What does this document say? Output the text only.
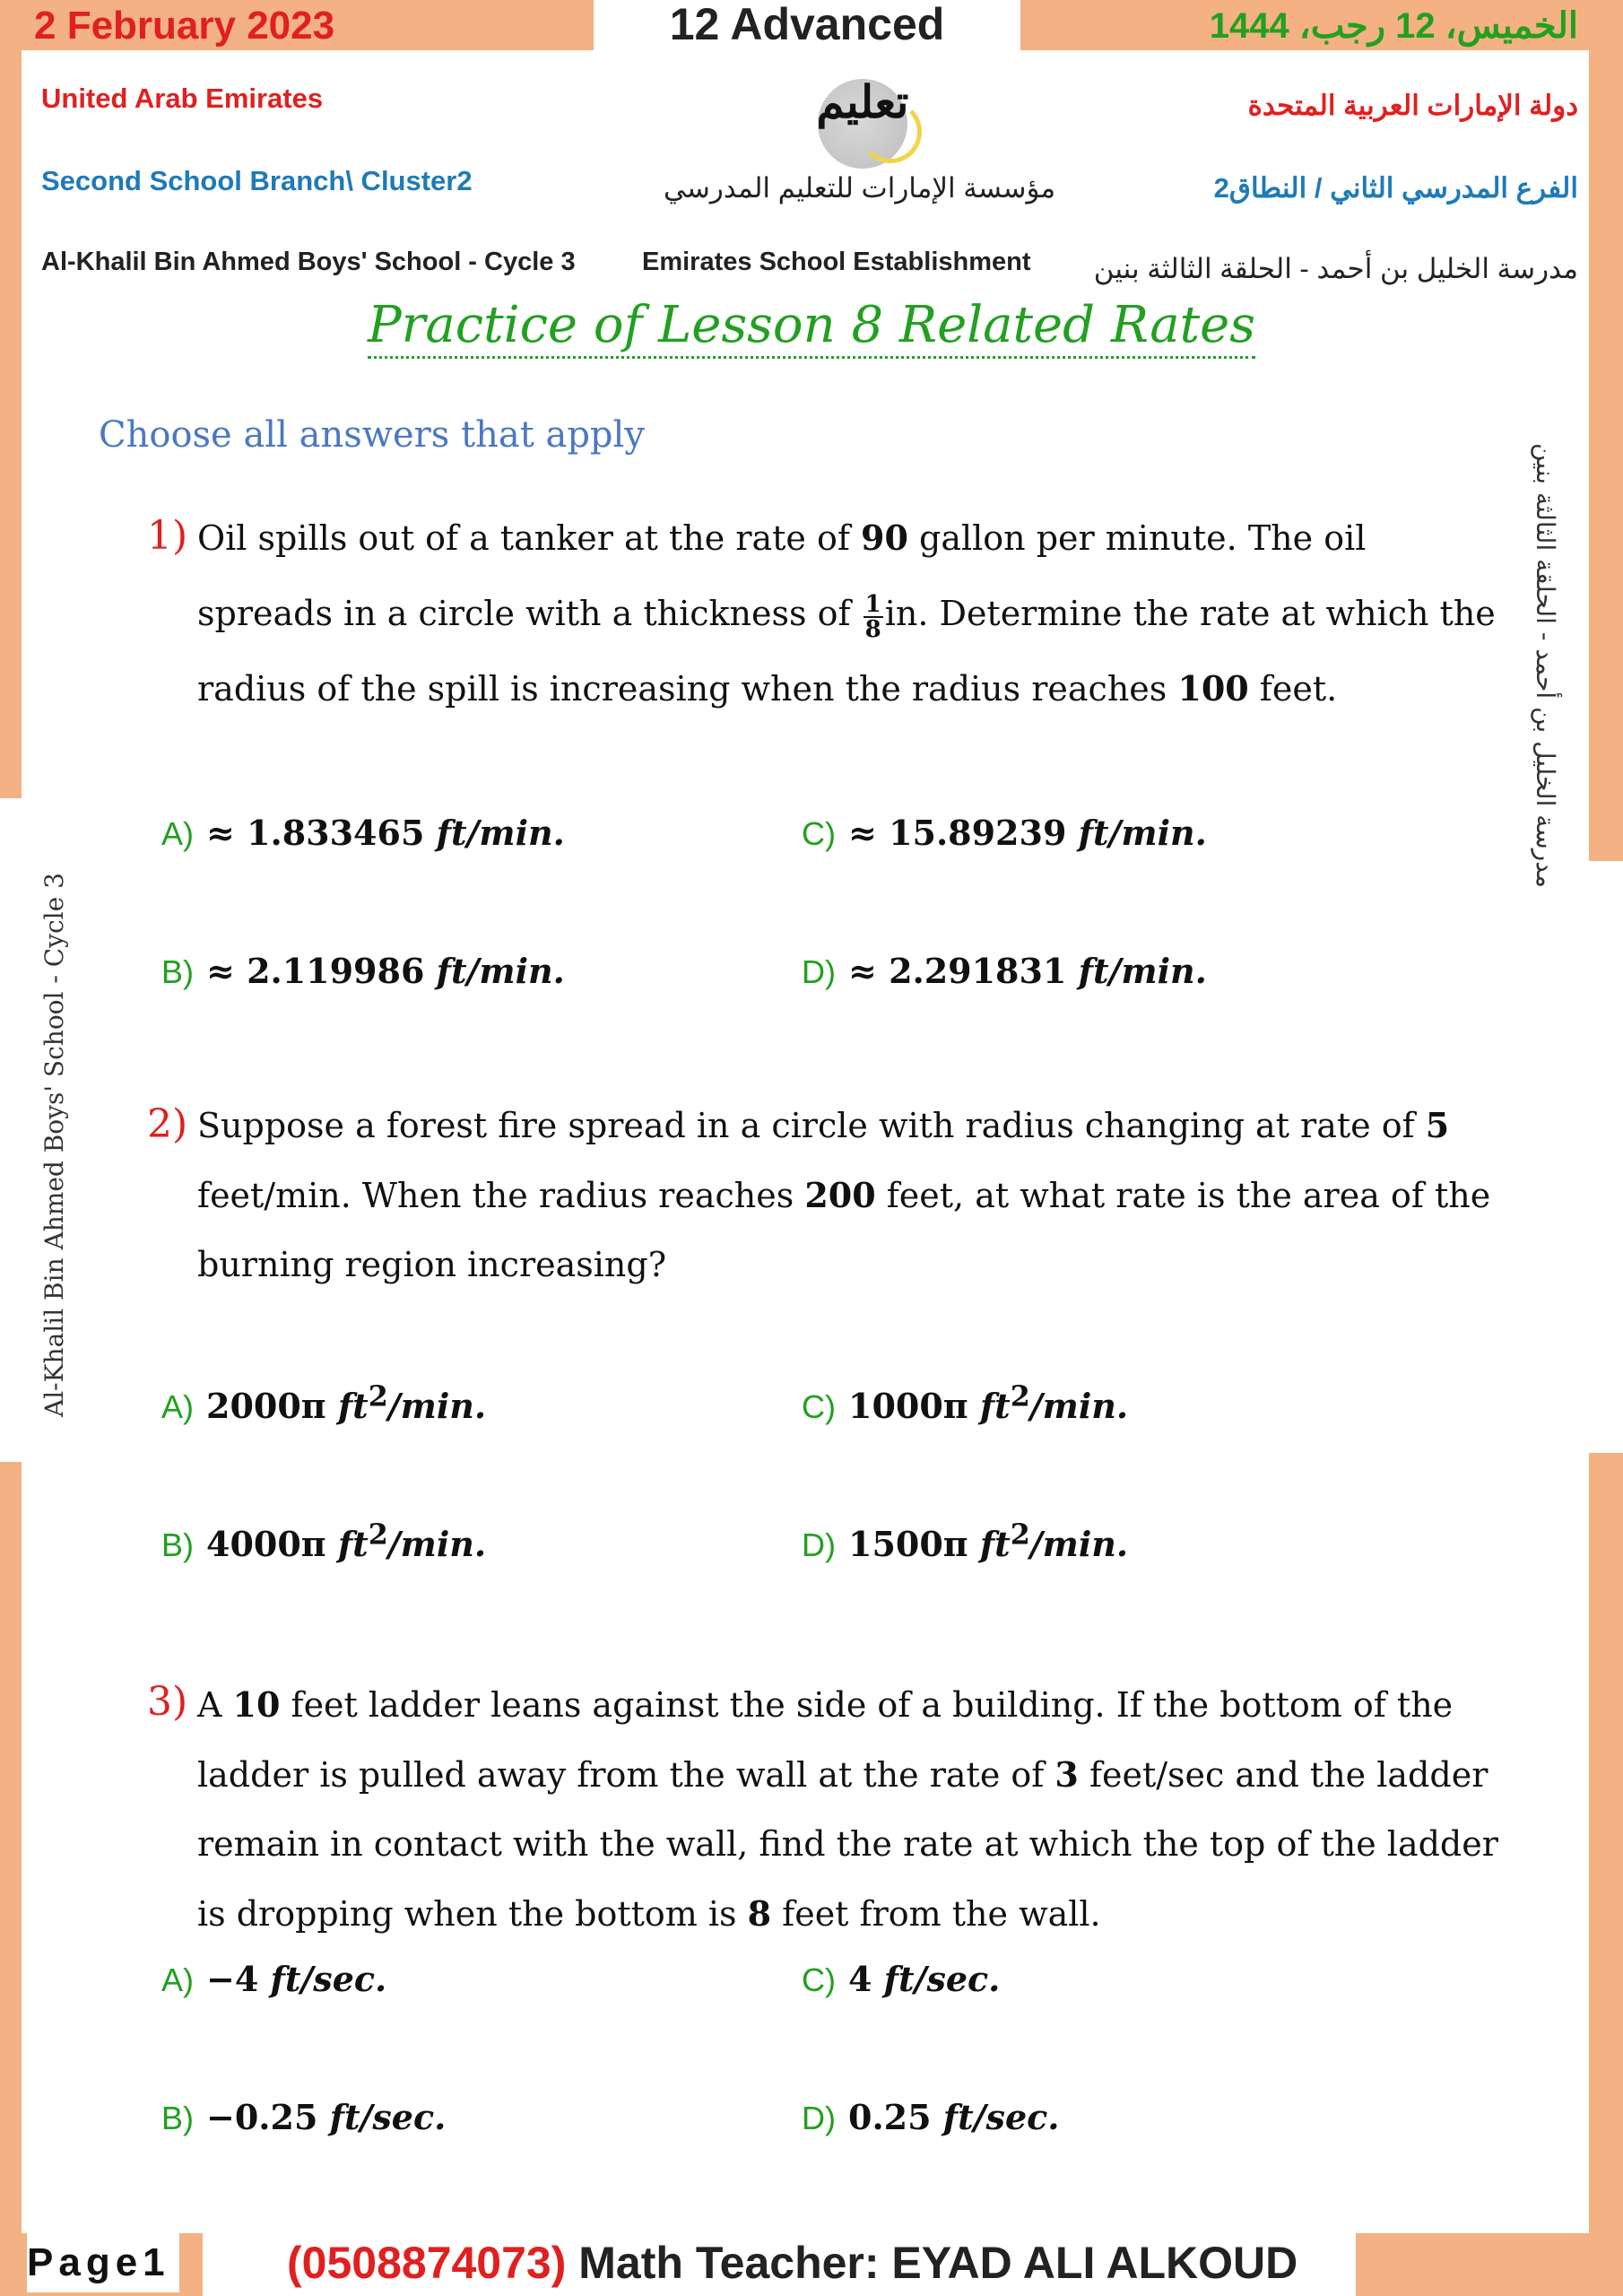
2 February 2023	12 Advanced	الخميس، 12 رجب، 1444
United Arab Emirates	دولة الإمارات العربية المتحدة
تعليم
Second School Branch\ Cluster2	مؤسسة الإمارات للتعليم المدرسي	الفرع المدرسي الثاني / النطاق2
Al-Khalil Bin Ahmed Boys' School - Cycle 3	Emirates School Establishment مدرسة الخليل بن أحمد - الحلقة الثالثة بنين
Practice of Lesson 8 Related Rates
Choose all answers that apply
1) Oil spills out of a tanker at the rate of 90 gallon per minute. The oil
spreads in a circle with a thickness of $\frac{1}{8}$ in. Determine the rate at which the
radius of the spill is increasing when the radius reaches 100 feet.
A) ≈ 1.833465 ft/min.	C) ≈ 15.89239 ft/min.
B) ≈ 2.119986 ft/min.	D) ≈ 2.291831 ft/min.
2) Suppose a forest fire spread in a circle with radius changing at rate of 5
feet/min. When the radius reaches 200 feet, at what rate is the area of the
burning region increasing?
A) 2000π $ft^2/\min$.	C) 1000π $ft^2/\min$.
B) 4000π $ft^2/\min$.	D) 1500π $ft^2/\min$.
3) A 10 feet ladder leans against the side of a building. If the bottom of the
ladder is pulled away from the wall at the rate of 3 feet/sec and the ladder
remain in contact with the wall, find the rate at which the top of the ladder
is dropping when the bottom is 8 feet from the wall.
A) −4 ft/sec.	C) 4 ft/sec.
B) −0.25 ft/sec.	D) 0.25 ft/sec.
Al-Khalil Bin Ahmed Boys' School - Cycle 3
مدرسة الخليل بن أحمد - الحلقة الثالثة بنين
Page1	(0508874073) Math Teacher: EYAD ALI ALKOUD
